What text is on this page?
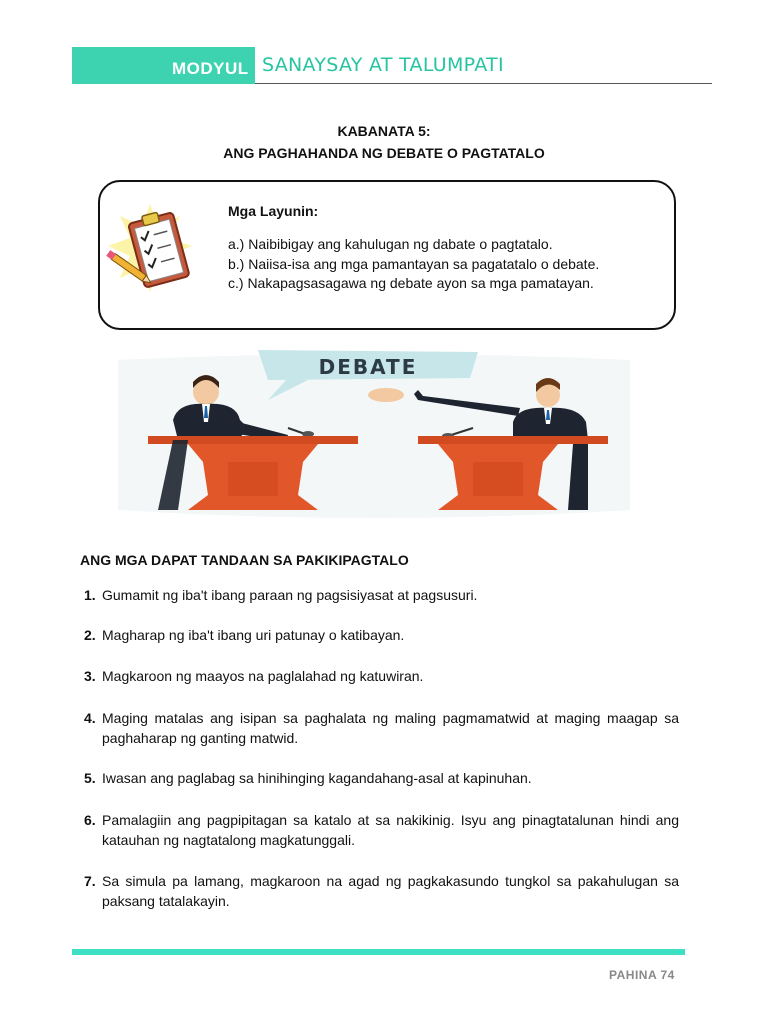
MODYUL SANAYSAY AT TALUMPATI
KABANATA 5:
ANG PAGHAHANDA NG DEBATE O PAGTATALO
Mga Layunin:
a.) Naibibigay ang kahulugan ng dabate o pagtatalo.
b.) Naiisa-isa ang mga pamantayan sa pagatatalo o debate.
c.) Nakapagsasagawa ng debate ayon sa mga pamatayan.
DEBATE
ANG MGA DAPAT TANDAAN SA PAKIKIPAGTALO
1. Gumamit ng iba't ibang paraan ng pagsisiyasat at pagsusuri.
2. Magharap ng iba't ibang uri patunay o katibayan.
3. Magkaroon ng maayos na paglalahad ng katuwiran.
4. Maging matalas ang isipan sa paghalata ng maling pagmamatwid at maging maagap sa paghaharap ng ganting matwid.
5. Iwasan ang paglabag sa hinihinging kagandahang-asal at kapinuhan.
6. Pamalagiin ang pagpipitagan sa katalo at sa nakikinig. Isyu ang pinagtatalunan hindi ang katauhan ng nagtatalong magkatunggali.
7. Sa simula pa lamang, magkaroon na agad ng pagkakasundo tungkol sa pakahulugan sa paksang tatalakayin.
PAHINA 74
